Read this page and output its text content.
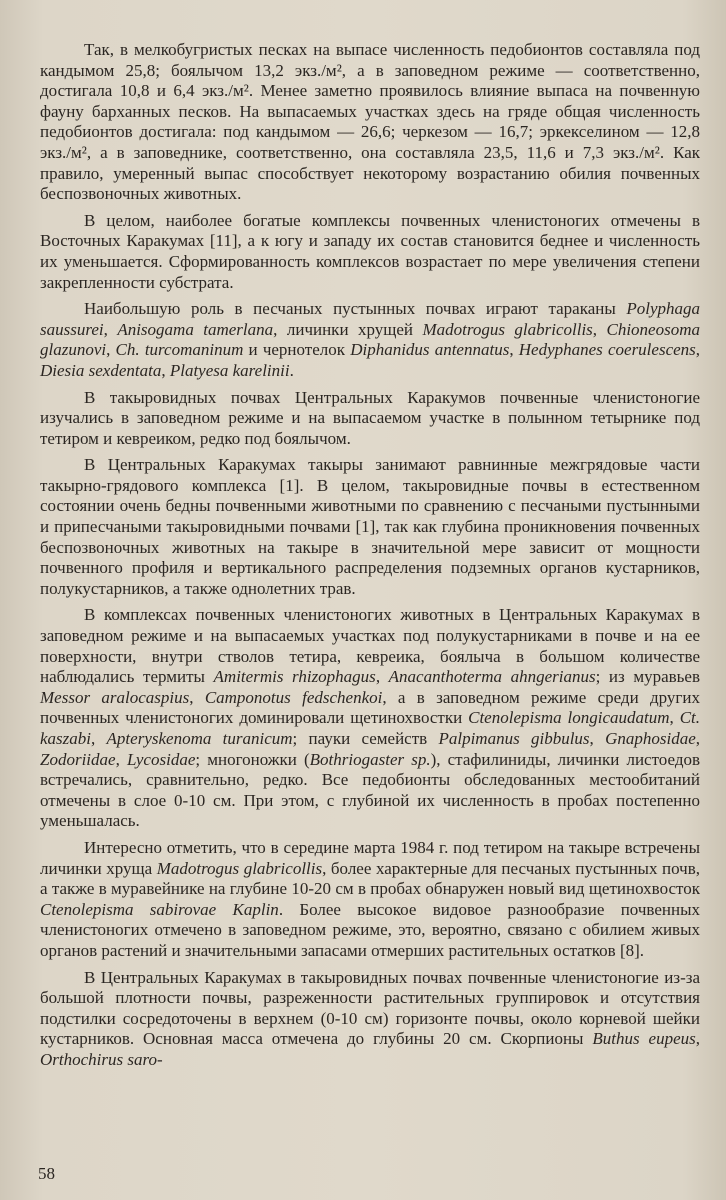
Так, в мелкобугристых песках на выпасе численность педобионтов составляла под кандымом 25,8; боялычом 13,2 экз./м², а в заповедном режиме — соответственно, достигала 10,8 и 6,4 экз./м². Менее заметно проявилось влияние выпаса на почвенную фауну барханных песков. На выпасаемых участках здесь на гряде общая численность педобионтов достигала: под кандымом — 26,6; черкезом — 16,7; эркекселином — 12,8 экз./м², а в заповеднике, соответственно, она составляла 23,5, 11,6 и 7,3 экз./м². Как правило, умеренный выпас способствует некоторому возрастанию обилия почвенных беспозвоночных животных.

В целом, наиболее богатые комплексы почвенных членистоногих отмечены в Восточных Каракумах [11], а к югу и западу их состав становится беднее и численность их уменьшается. Сформированность комплексов возрастает по мере увеличения степени закрепленности субстрата.

Наибольшую роль в песчаных пустынных почвах играют тараканы Polyphaga saussurei, Anisogama tamerlana, личинки хрущей Madotrogus glabricollis, Chioneosoma glazunovi, Ch. turcomaninum и чернотелок Diphanidus antennatus, Hedyphanes coerulescens, Diesia sexdentata, Platyesa karelinii.

В такыровидных почвах Центральных Каракумов почвенные членистоногие изучались в заповедном режиме и на выпасаемом участке в полынном тетырнике под тетиром и кевреиком, редко под боялычом.

В Центральных Каракумах такыры занимают равнинные межгрядовые части такырно-грядового комплекса [1]. В целом, такыровидные почвы в естественном состоянии очень бедны почвенными животными по сравнению с песчаными пустынными и припесчаными такыровидными почвами [1], так как глубина проникновения почвенных беспозвоночных животных на такыре в значительной мере зависит от мощности почвенного профиля и вертикального распределения подземных органов кустарников, полукустарников, а также однолетних трав.

В комплексах почвенных членистоногих животных в Центральных Каракумах в заповедном режиме и на выпасаемых участках под полукустарниками в почве и на ее поверхности, внутри стволов тетира, кевреика, боялыча в большом количестве наблюдались термиты Amitermis rhizophagus, Anacanthoterma ahngerianus; из муравьев Messor aralocaspius, Camponotus fedschenkoi, а в заповедном режиме среди других почвенных членистоногих доминировали щетинохвостки Ctenolepisma longicaudatum, Ct. kaszabi, Apteryskenoma turanicum; пауки семейств Palpimanus gibbulus, Gnaphosidae, Zodoriidae, Lycosidae; многоножки (Bothriogaster sp.), стафилиниды, личинки листоедов встречались, сравнительно, редко. Все педобионты обследованных местообитаний отмечены в слое 0-10 см. При этом, с глубиной их численность в пробах постепенно уменьшалась.

Интересно отметить, что в середине марта 1984 г. под тетиром на такыре встречены личинки хруща Madotrogus glabricollis, более характерные для песчаных пустынных почв, а также в муравейнике на глубине 10-20 см в пробах обнаружен новый вид щетинохвосток Ctenolepisma sabirovae Kaplin. Более высокое видовое разнообразие почвенных членистоногих отмечено в заповедном режиме, это, вероятно, связано с обилием живых органов растений и значительными запасами отмерших растительных остатков [8].

В Центральных Каракумах в такыровидных почвах почвенные членистоногие из-за большой плотности почвы, разреженности растительных группировок и отсутствия подстилки сосредоточены в верхнем (0-10 см) горизонте почвы, около корневой шейки кустарников. Основная масса отмечена до глубины 20 см. Скорпионы Buthus eupeus, Orthochirus saro-

58
